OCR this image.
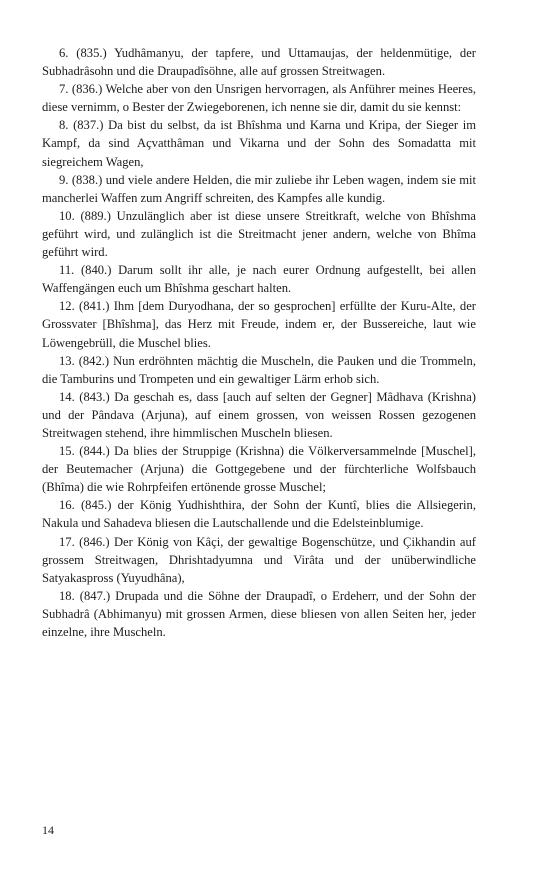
6. (835.) Yudhâmanyu, der tapfere, und Uttamaujas, der heldenmütige, der Subhadrâsohn und die Draupadîsöhne, alle auf grossen Streitwagen.

7. (836.) Welche aber von den Unsrigen hervorragen, als Anführer meines Heeres, diese vernimm, o Bester der Zwiegeborenen, ich nenne sie dir, damit du sie kennst:

8. (837.) Da bist du selbst, da ist Bhîshma und Karna und Kripa, der Sieger im Kampf, da sind Açvatthâman und Vikarna und der Sohn des Somadatta mit siegreichem Wagen,

9. (838.) und viele andere Helden, die mir zuliebe ihr Leben wagen, indem sie mit mancherlei Waffen zum Angriff schreiten, des Kampfes alle kundig.

10. (889.) Unzulänglich aber ist diese unsere Streitkraft, welche von Bhîshma geführt wird, und zulänglich ist die Streitmacht jener andern, welche von Bhîma geführt wird.

11. (840.) Darum sollt ihr alle, je nach eurer Ordnung aufgestellt, bei allen Waffengängen euch um Bhîshma geschart halten.

12. (841.) Ihm [dem Duryodhana, der so gesprochen] erfüllte der Kuru-Alte, der Grossvater [Bhîshma], das Herz mit Freude, indem er, der Bussereiche, laut wie Löwengebrüll, die Muschel blies.

13. (842.) Nun erdröhnten mächtig die Muscheln, die Pauken und die Trommeln, die Tamburins und Trompeten und ein gewaltiger Lärm erhob sich.

14. (843.) Da geschah es, dass [auch auf selten der Gegner] Mâdhava (Krishna) und der Pândava (Arjuna), auf einem grossen, von weissen Rossen gezogenen Streitwagen stehend, ihre himmlischen Muscheln bliesen.

15. (844.) Da blies der Struppige (Krishna) die Völkerversammelnde [Muschel], der Beutemacher (Arjuna) die Gottgegebene und der fürchterliche Wolfsbauch (Bhîma) die wie Rohrpfeifen ertönende grosse Muschel;

16. (845.) der König Yudhishthira, der Sohn der Kuntî, blies die Allsiegerin, Nakula und Sahadeva bliesen die Lautschallende und die Edelsteinblumige.

17. (846.) Der König von Kâçi, der gewaltige Bogenschütze, und Çikhandin auf grossem Streitwagen, Dhrishtadyumna und Virâta und der unüberwindliche Satyakaspross (Yuyudhâna),

18. (847.) Drupada und die Söhne der Draupadî, o Erdeherr, und der Sohn der Subhadrâ (Abhimanyu) mit grossen Armen, diese bliesen von allen Seiten her, jeder einzelne, ihre Muscheln.

14
